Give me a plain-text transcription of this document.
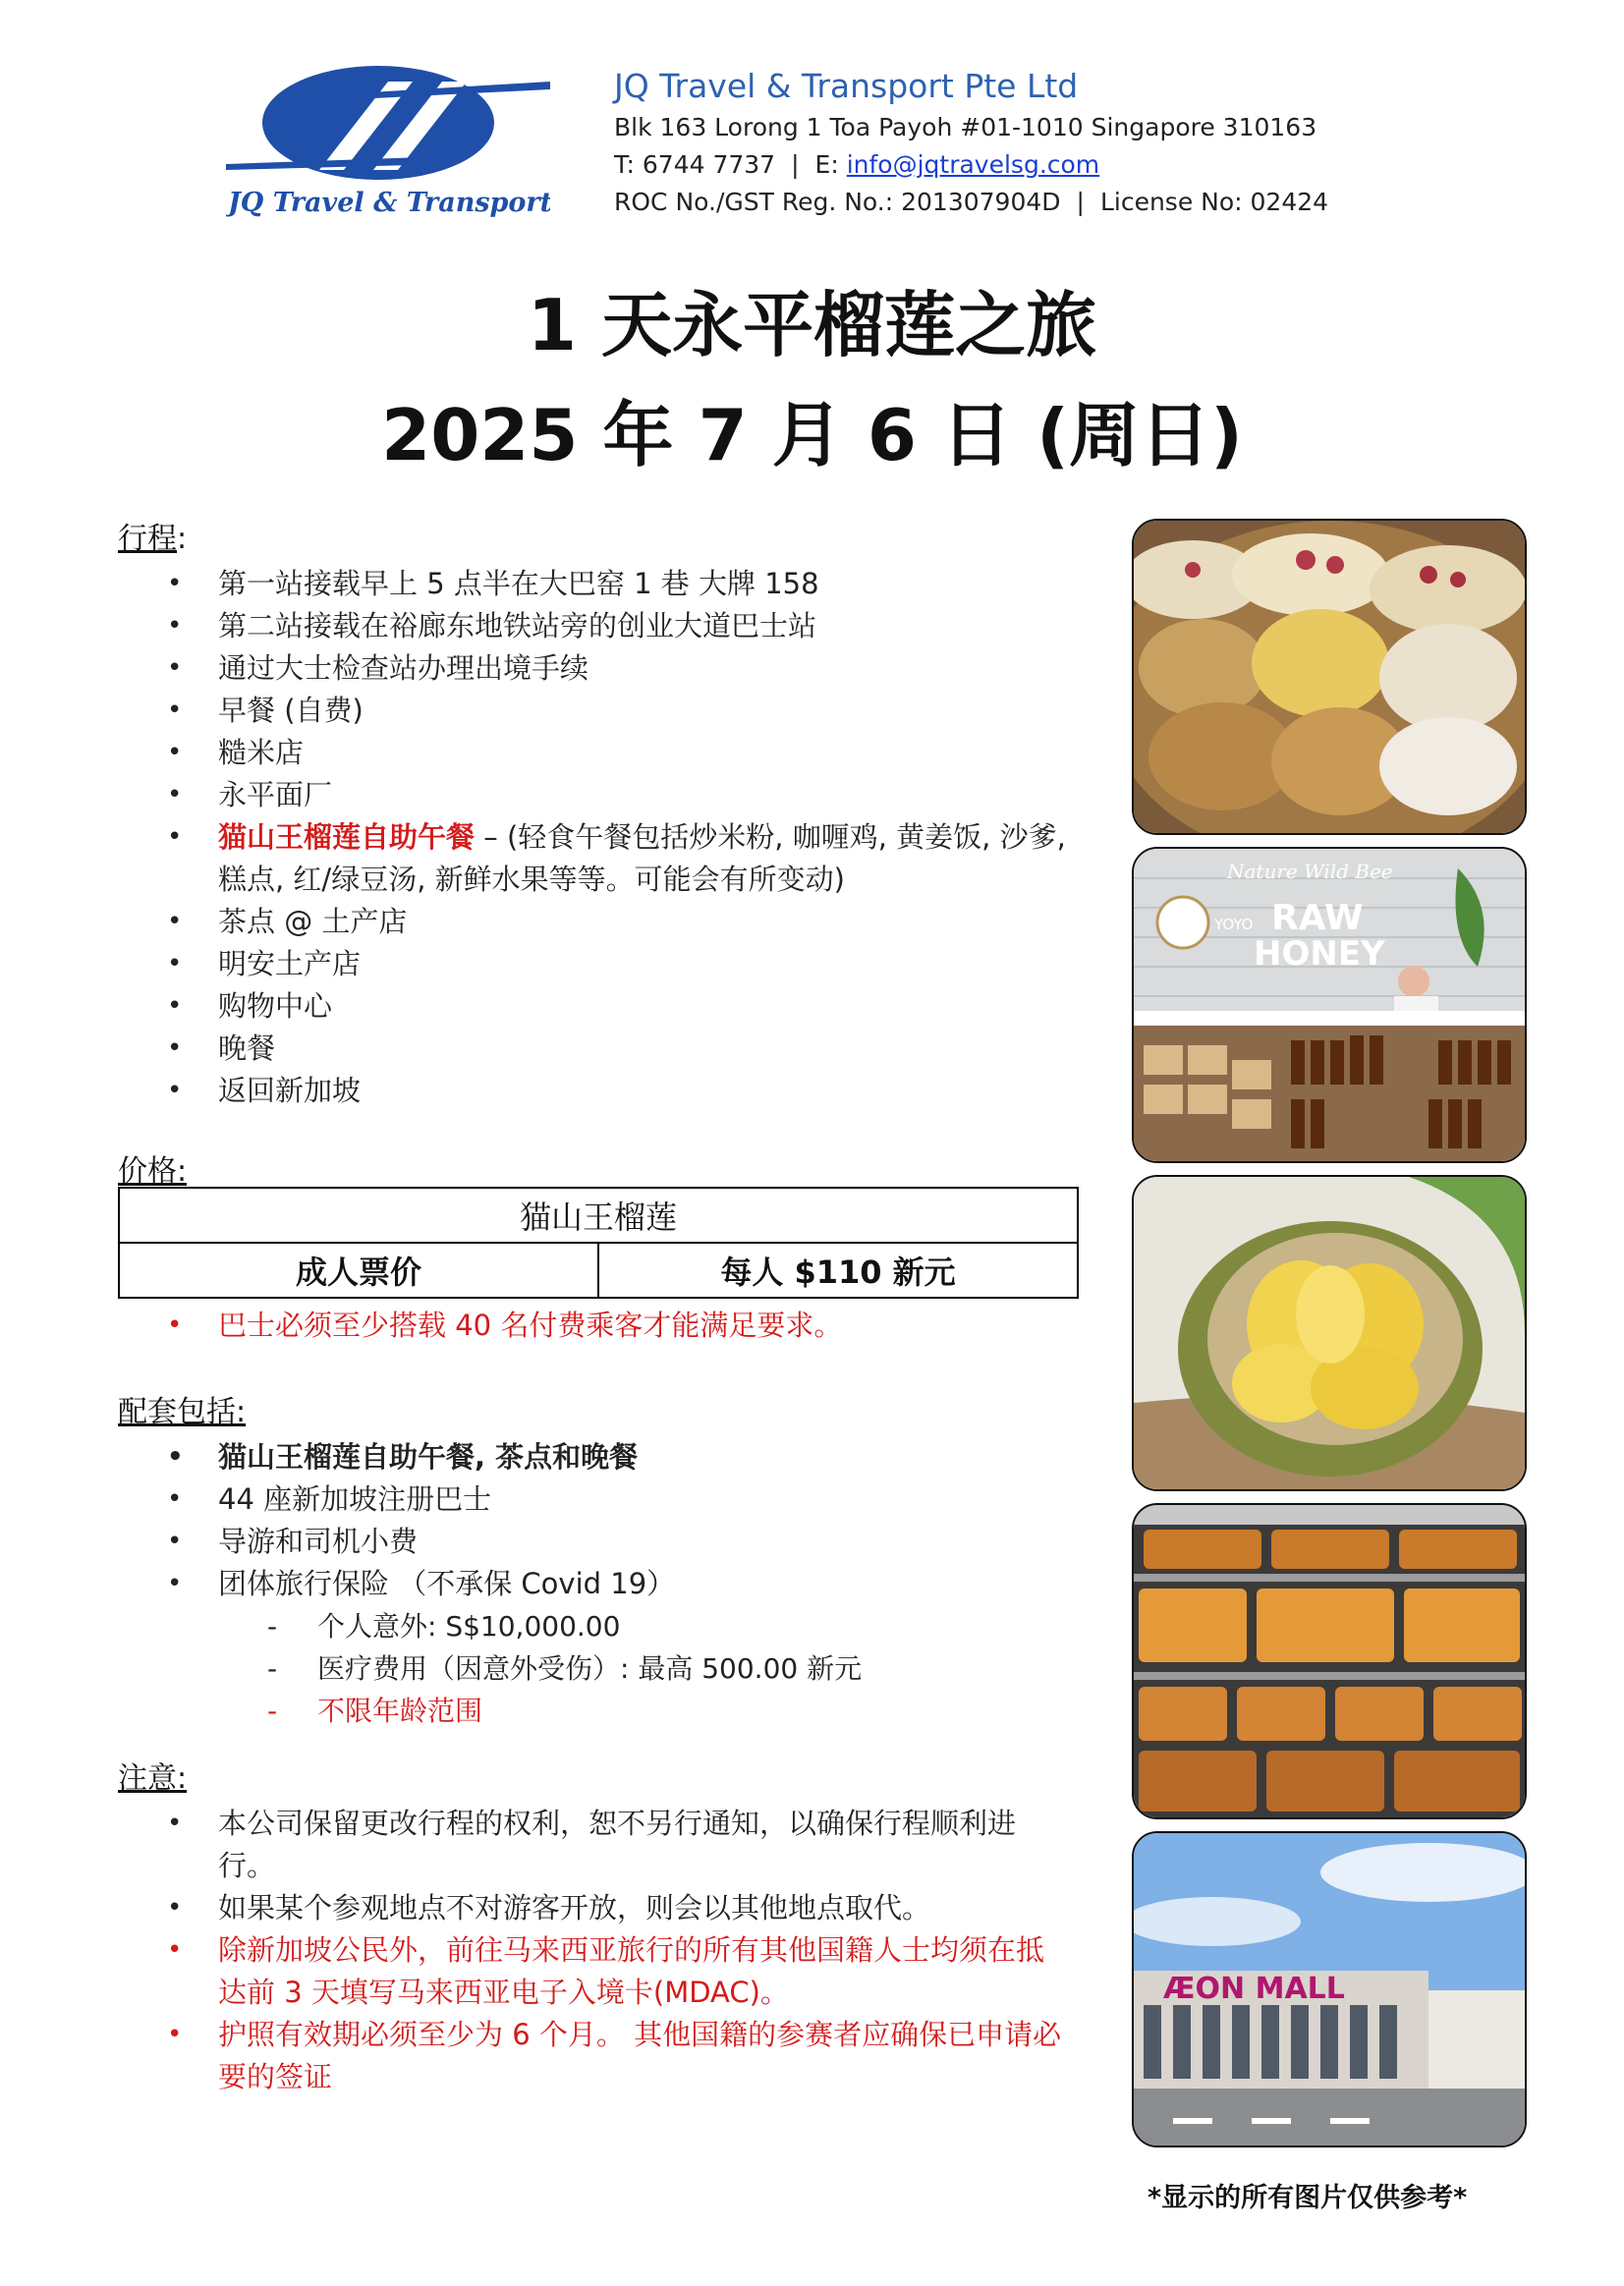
JQ Travel & Transport

JQ Travel & Transport Pte Ltd

Blk 163 Lorong 1 Toa Payoh #01-1010 Singapore 310163

T: 6744 7737 | E: info@jqtravelsg.com

ROC No./GST Reg. No.: 201307904D | License No: 02424

1 天永平榴莲之旅
2025 年 7 月 6 日 (周日)

行程:

• 第一站接载早上 5 点半在大巴窑 1 巷 大牌 158
• 第二站接载在裕廊东地铁站旁的创业大道巴士站
• 通过大士检查站办理出境手续
• 早餐 (自费)
• 糙米店
• 永平面厂
• 猫山王榴莲自助午餐 – (轻食午餐包括炒米粉, 咖喱鸡, 黄姜饭, 沙爹,
糕点, 红/绿豆汤, 新鲜水果等等。可能会有所变动)
• 茶点 @ 土产店
• 明安土产店
• 购物中心
• 晚餐
• 返回新加坡

价格:

猫山王榴莲
成人票价	每人 $110 新元
• 巴士必须至少搭载 40 名付费乘客才能满足要求。

配套包括:

• 猫山王榴莲自助午餐, 茶点和晚餐
• 44 座新加坡注册巴士
• 导游和司机小费
• 团体旅行保险 （不承保 Covid 19）
- 个人意外: S$10,000.00
- 医疗费用（因意外受伤）: 最高 500.00 新元
- 不限年龄范围

注意:

• 本公司保留更改行程的权利，恕不另行通知，以确保行程顺利进
行。
• 如果某个参观地点不对游客开放，则会以其他地点取代。
• 除新加坡公民外，前往马来西亚旅行的所有其他国籍人士均须在抵
达前 3 天填写马来西亚电子入境卡(MDAC)。
• 护照有效期必须至少为 6 个月。 其他国籍的参赛者应确保已申请必
要的签证
Nature Wild Bee
YOYO RAW
HONEY
ÆON MALL
*显示的所有图片仅供参考*
